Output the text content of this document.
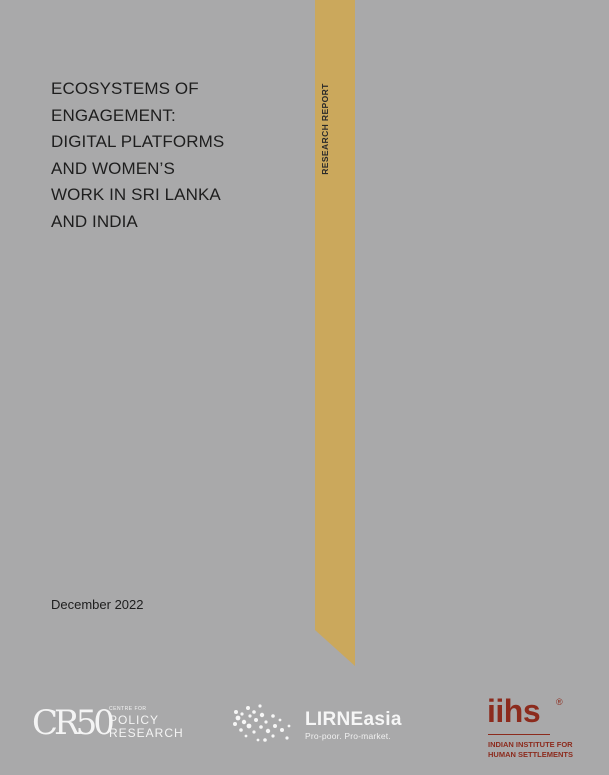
ECOSYSTEMS OF
ENGAGEMENT:
DIGITAL PLATFORMS
AND WOMEN’S
WORK IN SRI LANKA
AND INDIA
RESEARCH REPORT
December 2022
CR50
CENTRE FOR
POLICY
RESEARCH
LIRNEasia
Pro-poor. Pro-market.
iihs ®
INDIAN INSTITUTE FOR
HUMAN SETTLEMENTS
